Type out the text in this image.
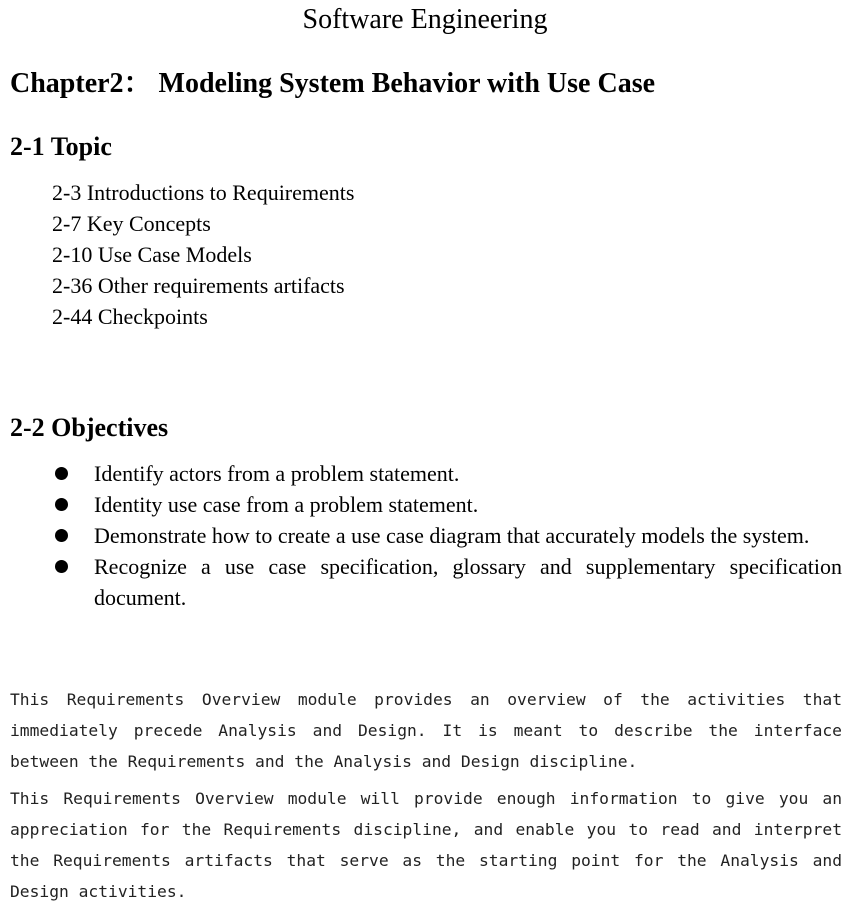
Software Engineering
Chapter2： Modeling System Behavior with Use Case
2-1 Topic
2-3 Introductions to Requirements
2-7 Key Concepts
2-10 Use Case Models
2-36 Other requirements artifacts
2-44 Checkpoints
2-2 Objectives
Identify actors from a problem statement.
Identity use case from a problem statement.
Demonstrate how to create a use case diagram that accurately models the system.
Recognize a use case specification, glossary and supplementary specification document.

This Requirements Overview module provides an overview of the activities that immediately precede Analysis and Design. It is meant to describe the interface between the Requirements and the Analysis and Design discipline.

This Requirements Overview module will provide enough information to give you an appreciation for the Requirements discipline, and enable you to read and interpret the Requirements artifacts that serve as the starting point for the Analysis and Design activities.
